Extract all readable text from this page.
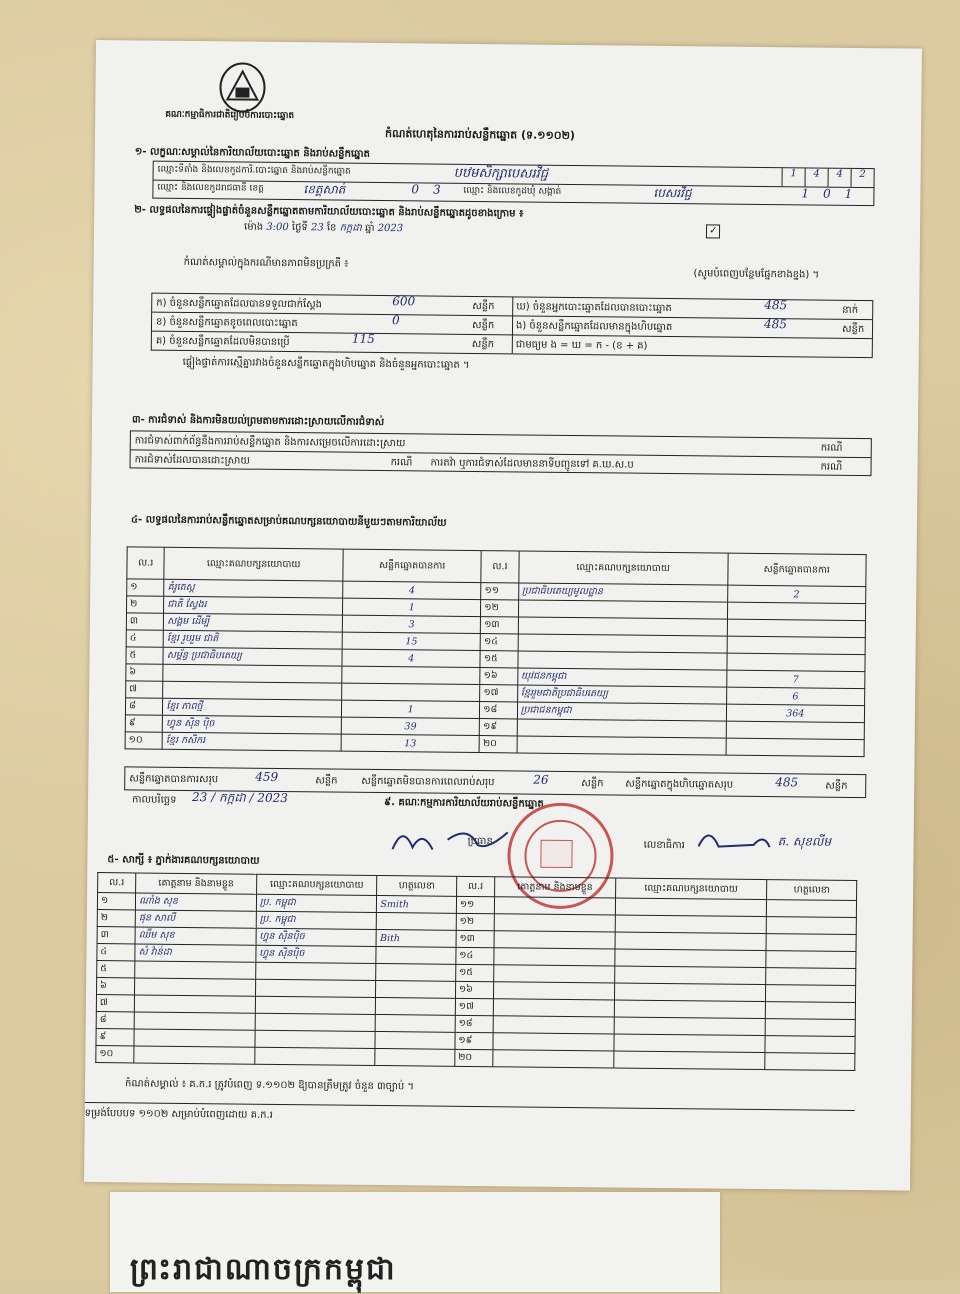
គណៈកម្មាធិការជាតិរៀបចំការបោះឆ្នោត
កំណត់ហេតុនៃការរាប់សន្លឹកឆ្នោត (ទ.១១០២)
១- លក្ខណៈសម្គាល់នៃការិយាល័យបោះឆ្នោត និងរាប់សន្លឹកឆ្នោត
ឈ្មោះទីតាំង និងលេខកូដការិ.បោះឆ្នោត និងរាប់សន្លឹកឆ្នោត	បឋមសិក្សាបេសរវិជ្ជ	1	4	4	2
ឈ្មោះ និងលេខកូដរាជធានី ខេត្ត	ខេត្តសាត់	03 ឈ្មោះ និងលេខកូដឃុំ សង្កាត់	បេសរវិជ្ជ	101
២- លទ្ធផលនៃការផ្ទៀងផ្ទាត់ចំនួនសន្លឹកឆ្នោតតាមការិយាល័យបោះឆ្នោត និងរាប់សន្លឹកឆ្នោតដូចខាងក្រោម ៖
ម៉ោង 3:00 ថ្ងៃទី 23 ខែ កក្កដា ឆ្នាំ 2023	✓
កំណត់សម្គាល់ក្នុងករណីមានភាពមិនប្រក្រតី ៖
(សូមបំពេញបន្ថែមផ្នែកខាងខ្នង) ។
ក) ចំនួនសន្លឹកឆ្នោតដែលបានទទួលជាក់ស្តែង	600	សន្លឹក
ខ) ចំនួនសន្លឹកឆ្នោតខូចពេលបោះឆ្នោត	0	សន្លឹក
គ) ចំនួនសន្លឹកឆ្នោតដែលមិនបានប្រើ	115	សន្លឹក
ឃ) ចំនួនអ្នកបោះឆ្នោតដែលបានបោះឆ្នោត	485	នាក់
ង) ចំនួនសន្លឹកឆ្នោតដែលមានក្នុងហិបឆ្នោត	485	សន្លឹក
ជាមធ្យម ង = ឃ = ក - (ខ + គ)
ផ្ទៀងផ្ទាត់ការស្មើគ្នារវាងចំនួនសន្លឹកឆ្នោតក្នុងហិបឆ្នោត និងចំនួនអ្នកបោះឆ្នោត ។
៣- ការជំទាស់ និងការមិនយល់ព្រមតាមការដោះស្រាយលើការជំទាស់
ការជំទាស់ពាក់ព័ន្ធនឹងការរាប់សន្លឹកឆ្នោត និងការសម្រេចលើការដោះស្រាយ	ករណី
ការជំទាស់ដែលបានដោះស្រាយ	ករណី ការតវ៉ា ឬការជំទាស់ដែលមាននាទីបញ្ជូនទៅ គ.ឃ.ស.ប	ករណី
៤- លទ្ធផលនៃការរាប់សន្លឹកឆ្នោតសម្រាប់គណបក្សនយោបាយនីមួយៗតាមការិយាល័យ
ល.រ	ឈ្មោះគណបក្សនយោបាយ	សន្លឹកឆ្នោតបានការ	ល.រ	ឈ្មោះគណបក្សនយោបាយ	សន្លឹកឆ្នោតបានការ
១	គំរូតេស្ត	4	១១	ប្រជាធិបតេយ្យមូលដ្ឋាន	2
២	ជាតិ ស្វែងរ	1	១២		
៣	សង្គម ដើម្បី	3	១៣		
៤	ខ្មែរ រួបរួម ជាតិ	15	១៤		
៥	សម្ព័ន្ធ ប្រជាធិបតេយ្យ	4	១៥		
៦			១៦	យុវជនកម្ពុជា	7
៧			១៧	ខ្មែររួមជាតិប្រជាធិបតេយ្យ	6
៨	ខ្មែរ ភាពថ្មី	1	១៨	ប្រជាជនកម្ពុជា	364
៩	ហ្វុន ស៊ិន ប៉ិច	39	១៩		
១០	ខ្មែរ កសិករ	13	២០		
សន្លឹកឆ្នោតបានការសរុប	459	សន្លឹក សន្លឹកឆ្នោតមិនបានការពេលរាប់សរុប	26	សន្លឹក សន្លឹកឆ្នោតក្នុងហិបឆ្នោតសរុប	485	សន្លឹក
កាលបរិច្ឆេទ 23 / កក្កដា / 2023	៩. គណៈកម្មការការិយាល័យរាប់សន្លឹកឆ្នោត
ប្រធាន	លេខាធិការ	ត. សុខលីម
៥- សាក្សី ៖ ភ្នាក់ងារគណបក្សនយោបាយ
ល.រ	គោត្តនាម និងនាមខ្លួន	ឈ្មោះគណបក្សនយោបាយ	ហត្ថលេខា	ល.រ	គោត្តនាម និងនាមខ្លួន	ឈ្មោះគណបក្សនយោបាយ	ហត្ថលេខា
១	ណាំង សុខ	ប្រ. កម្ពុជា	Smith	១១			
២	ផុន សាលី	ប្រ. កម្ពុជា		១២			
៣	ឈឹម សុខ	ហ្វុន ស៊ិនប៉ិច	Bith	១៣			
៤	សំ វ៉ាន់ដា	ហ្វុន ស៊ិនប៉ិច		១៤			
៥				១៥			
៦				១៦			
៧				១៧			
៨				១៨			
៩				១៩			
១០				២០			
កំណត់សម្គាល់ ៖ គ.ក.រ ត្រូវបំពេញ ទ.១១០២ ឱ្យបានត្រឹមត្រូវ ចំនួន ៣ច្បាប់ ។
ទម្រង់បែបបទ ១១០២ សម្រាប់បំពេញដោយ គ.ក.រ
ព្រះរាជាណាចក្រកម្ពុជា
